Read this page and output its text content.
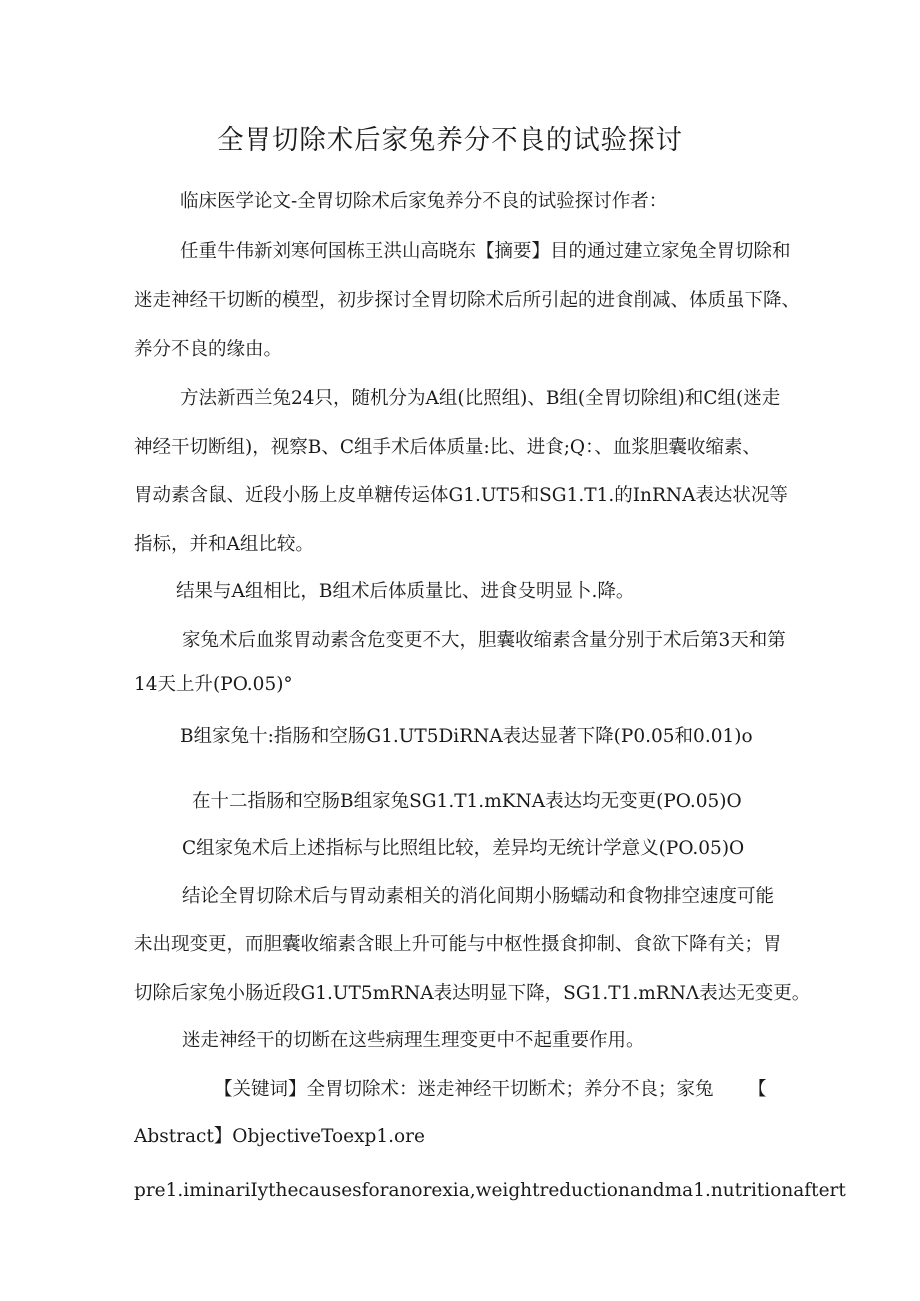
全胃切除术后家兔养分不良的试验探讨
临床医学论文-全胃切除术后家兔养分不良的试验探讨作者：
任重牛伟新刘寒何国栋王洪山高晓东【摘要】目的通过建立家兔全胃切除和
迷走神经干切断的模型，初步探讨全胃切除术后所引起的进食削减、体质虽下降、
养分不良的缘由。
方法新西兰兔24只，随机分为A组(比照组)、B组(全胃切除组)和C组(迷走
神经干切断组)，视察B、C组手术后体质量:比、进食;Q：、血浆胆囊收缩素、
胃动素含鼠、近段小肠上皮单糖传运体G1.UT5和SG1.T1.的InRNA表达状况等
指标，并和A组比较。
结果与A组相比，B组术后体质量比、进食殳明显卜.降。
家兔术后血浆胃动素含危变更不大，胆囊收缩素含量分别于术后第3天和第
14天上升(PO.05)°
B组家兔十:指肠和空肠G1.UT5DiRNA表达显著下降(P0.05和0.01)o
在十二指肠和空肠B组家兔SG1.T1.mKNA表达均无变更(PO.05)O
C组家兔术后上述指标与比照组比较，差异均无统计学意义(PO.05)O
结论全胃切除术后与胃动素相关的消化间期小肠蠕动和食物排空速度可能
未出现变更，而胆囊收缩素含眼上升可能与中枢性摄食抑制、食欲下降有关；胃
切除后家兔小肠近段G1.UT5mRNA表达明显下降，SG1.T1.mRNΛ表达无变更。
迷走神经干的切断在这些病理生理变更中不起重要作用。
【关键词】全胃切除术：迷走神经干切断术；养分不良；家兔 【
Abstract】ObjectiveToexp1.ore
pre1.iminariIythecausesforanorexia,weightreductionandma1.nutritionaftert
